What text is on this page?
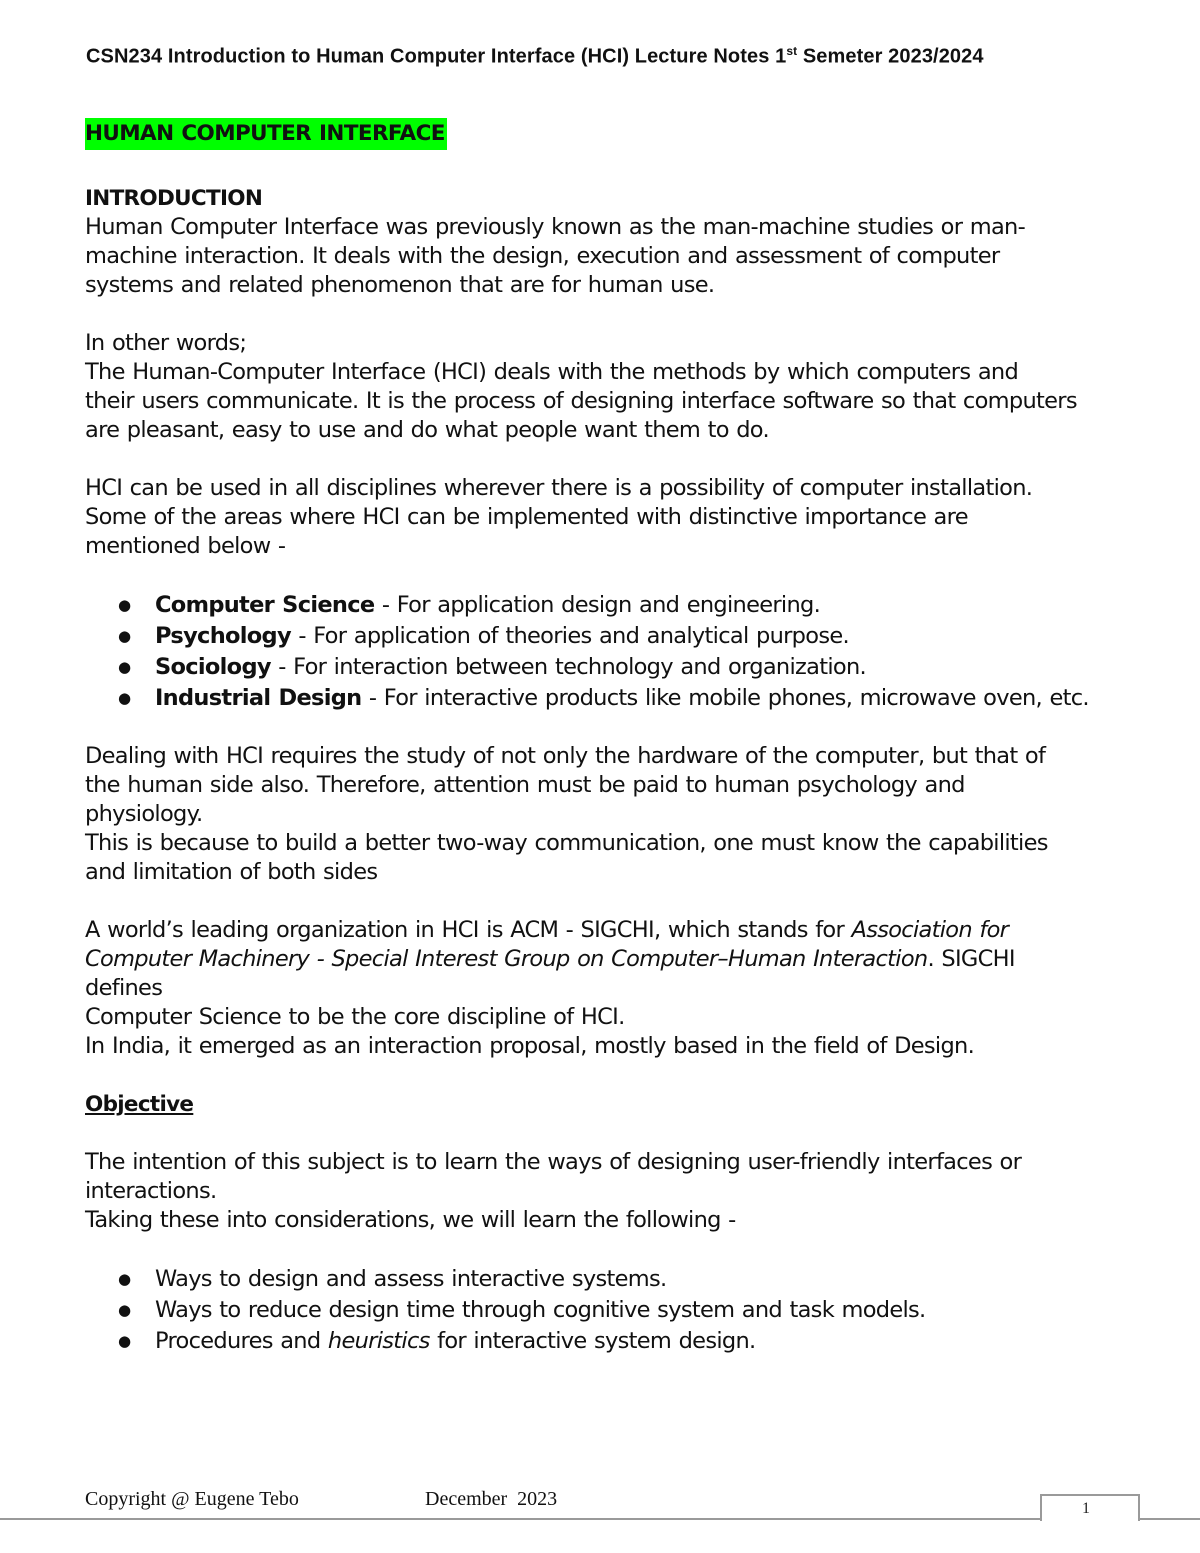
CSN234 Introduction to Human Computer Interface (HCI) Lecture Notes 1st Semeter 2023/2024
HUMAN COMPUTER INTERFACE

INTRODUCTION

Human Computer Interface was previously known as the man-machine studies or man-
machine interaction. It deals with the design, execution and assessment of computer
systems and related phenomenon that are for human use.

In other words;
The Human-Computer Interface (HCI) deals with the methods by which computers and
their users communicate. It is the process of designing interface software so that computers
are pleasant, easy to use and do what people want them to do.

HCI can be used in all disciplines wherever there is a possibility of computer installation.
Some of the areas where HCI can be implemented with distinctive importance are
mentioned below -

● Computer Science - For application design and engineering.
● Psychology - For application of theories and analytical purpose.
● Sociology - For interaction between technology and organization.
● Industrial Design - For interactive products like mobile phones, microwave oven, etc.

Dealing with HCI requires the study of not only the hardware of the computer, but that of
the human side also. Therefore, attention must be paid to human psychology and
physiology.
This is because to build a better two-way communication, one must know the capabilities
and limitation of both sides

A world’s leading organization in HCI is ACM - SIGCHI, which stands for Association for
Computer Machinery - Special Interest Group on Computer–Human Interaction. SIGCHI
defines
Computer Science to be the core discipline of HCI.
In India, it emerged as an interaction proposal, mostly based in the field of Design.

Objective

The intention of this subject is to learn the ways of designing user-friendly interfaces or
interactions.
Taking these into considerations, we will learn the following -

● Ways to design and assess interactive systems.
● Ways to reduce design time through cognitive system and task models.
● Procedures and heuristics for interactive system design.
Copyright @ Eugene Tebo	December  2023	1
